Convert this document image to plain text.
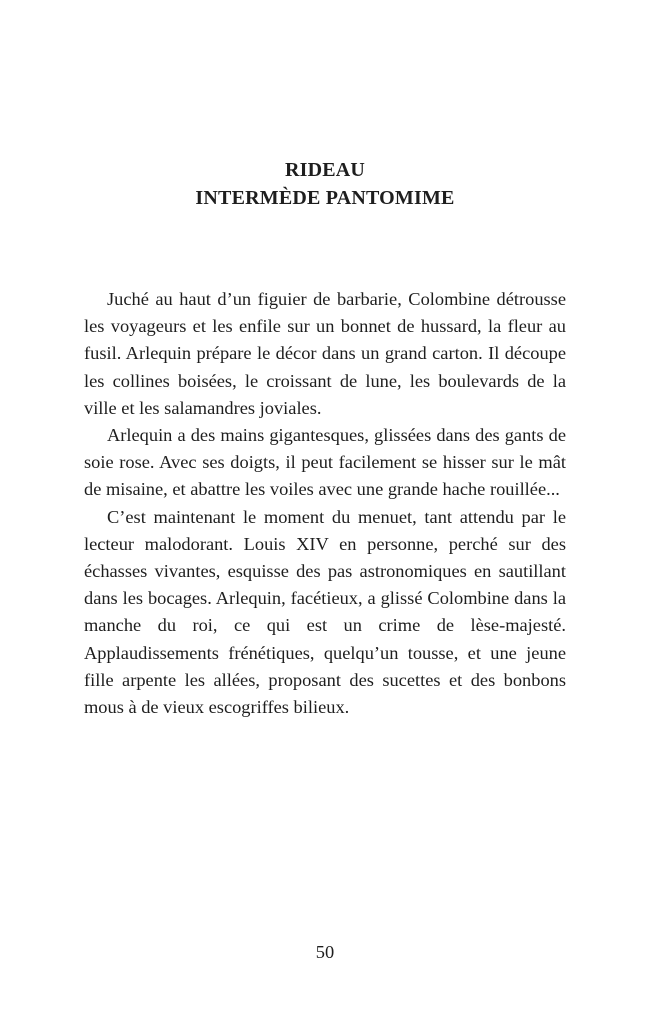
RIDEAU
INTERMÈDE PANTOMIME

Juché au haut d’un figuier de barbarie, Colombine détrousse les voyageurs et les enfile sur un bonnet de hussard, la fleur au fusil. Arlequin prépare le décor dans un grand carton. Il découpe les collines boisées, le croissant de lune, les boulevards de la ville et les salamandres joviales.

Arlequin a des mains gigantesques, glissées dans des gants de soie rose. Avec ses doigts, il peut facilement se hisser sur le mât de misaine, et abattre les voiles avec une grande hache rouillée...

C’est maintenant le moment du menuet, tant attendu par le lecteur malodorant. Louis XIV en personne, perché sur des échasses vivantes, esquisse des pas astronomiques en sautillant dans les bocages. Arlequin, facétieux, a glissé Colombine dans la manche du roi, ce qui est un crime de lèse-majesté. Applaudissements frénétiques, quelqu’un tousse, et une jeune fille arpente les allées, proposant des sucettes et des bonbons mous à de vieux escogriffes bilieux.

50
